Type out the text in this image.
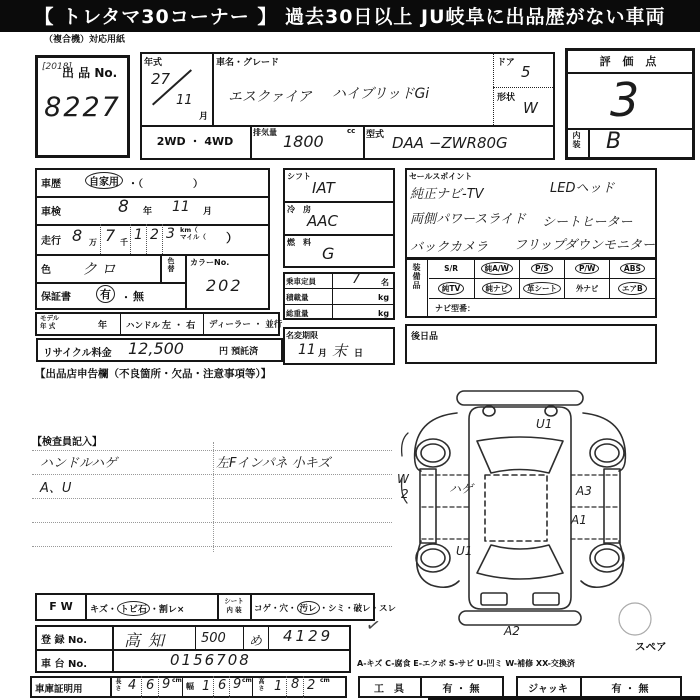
【 トレタマ30コーナー 】 過去30日以上 JU岐阜に出品歴がない車両
（複合機）対応用紙
[2018]
出 品 No.
8227
年式
27
11
月
車名・グレード
エスクァイア ハイブリッドGi
ドア 5
形状
W
2WD ・ 4WD
排気量 1800
cc 型式 DAA −ZWR80G
評 価 点
3
内装 B
車歴	自家用 ・（　　　　　）
車検	8 年 11 月
走行 8 万 7 千 1 2 3 km（
マイル（ ）
色 クロ	色替 カラーNo.
202
保証書	有	・ 無
シフト
IAT
冷　房
AAC
燃　料
G
乗車定員	7	名
積載量	kg
総重量	kg
名変期限
11 月 末 日
セールスポイント
純正ナビ-TV	LEDヘッド
両側パワースライド シートヒーター
バックカメラ フリップダウンモニター
装備品	S/R	純A/W	P/S	P/W	ABS
純TV	純ナビ	革シート	外ナビ	エアB
ナビ型番：
後日品
モデル
年 式	年 ハンドル 左 ・ 右 ディーラー ・ 並行
リサイクル料金 12,500	円 預託済
【出品店申告欄（不良箇所・欠品・注意事項等）】
【検査員記入】
ハンドルハゲ
A、U
左Fインパネ 小キズ
U1
W
2	ハゲ	A3
A1
U1
A2
スペア
F W	キズ・ トビ石 ・割レ×
シート
内 装	コゲ・穴・ 汚レ ・シミ・破レ・スレ
登 録 No. 高知 500 め 4129 ✓
車 台 No.	0156708
車庫証明用	長さ 4 6 9 cm
幅 1 6 9 cm 高さ 1 8 2 cm
A-キズ C-腐食 E-エクボ S-サビ U-凹ミ W-補修 XX-交換済
工　具	有 ・ 無	ジャッキ	有 ・ 無
